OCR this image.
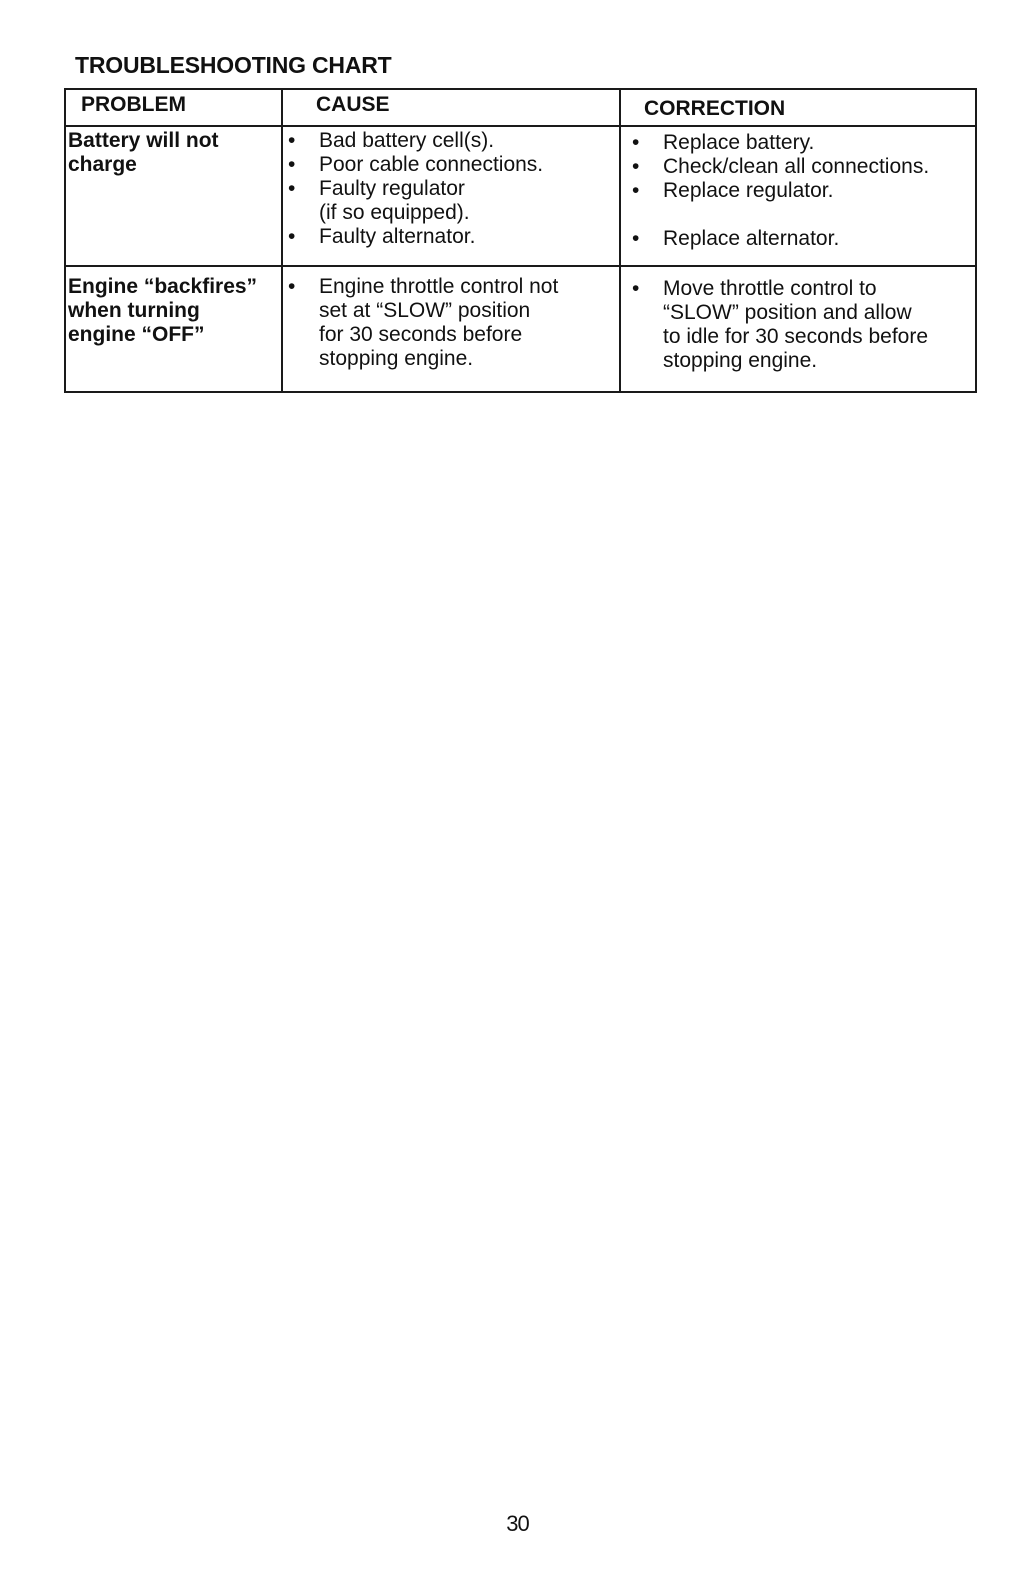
TROUBLESHOOTING CHART
PROBLEM	CAUSE	CORRECTION
Battery will not
charge
• Bad battery cell(s).
• Poor cable connections.
• Faulty regulator
(if so equipped).
• Faulty alternator.
• Replace battery.
• Check/clean all connections.
• Replace regulator.
• Replace alternator.
Engine “backfires”
when turning
engine “OFF”
• Engine throttle control not
set at “SLOW” position
for 30 seconds before
stopping engine.
• Move throttle control to
“SLOW” position and allow
to idle for 30 seconds before
stopping engine.
30
